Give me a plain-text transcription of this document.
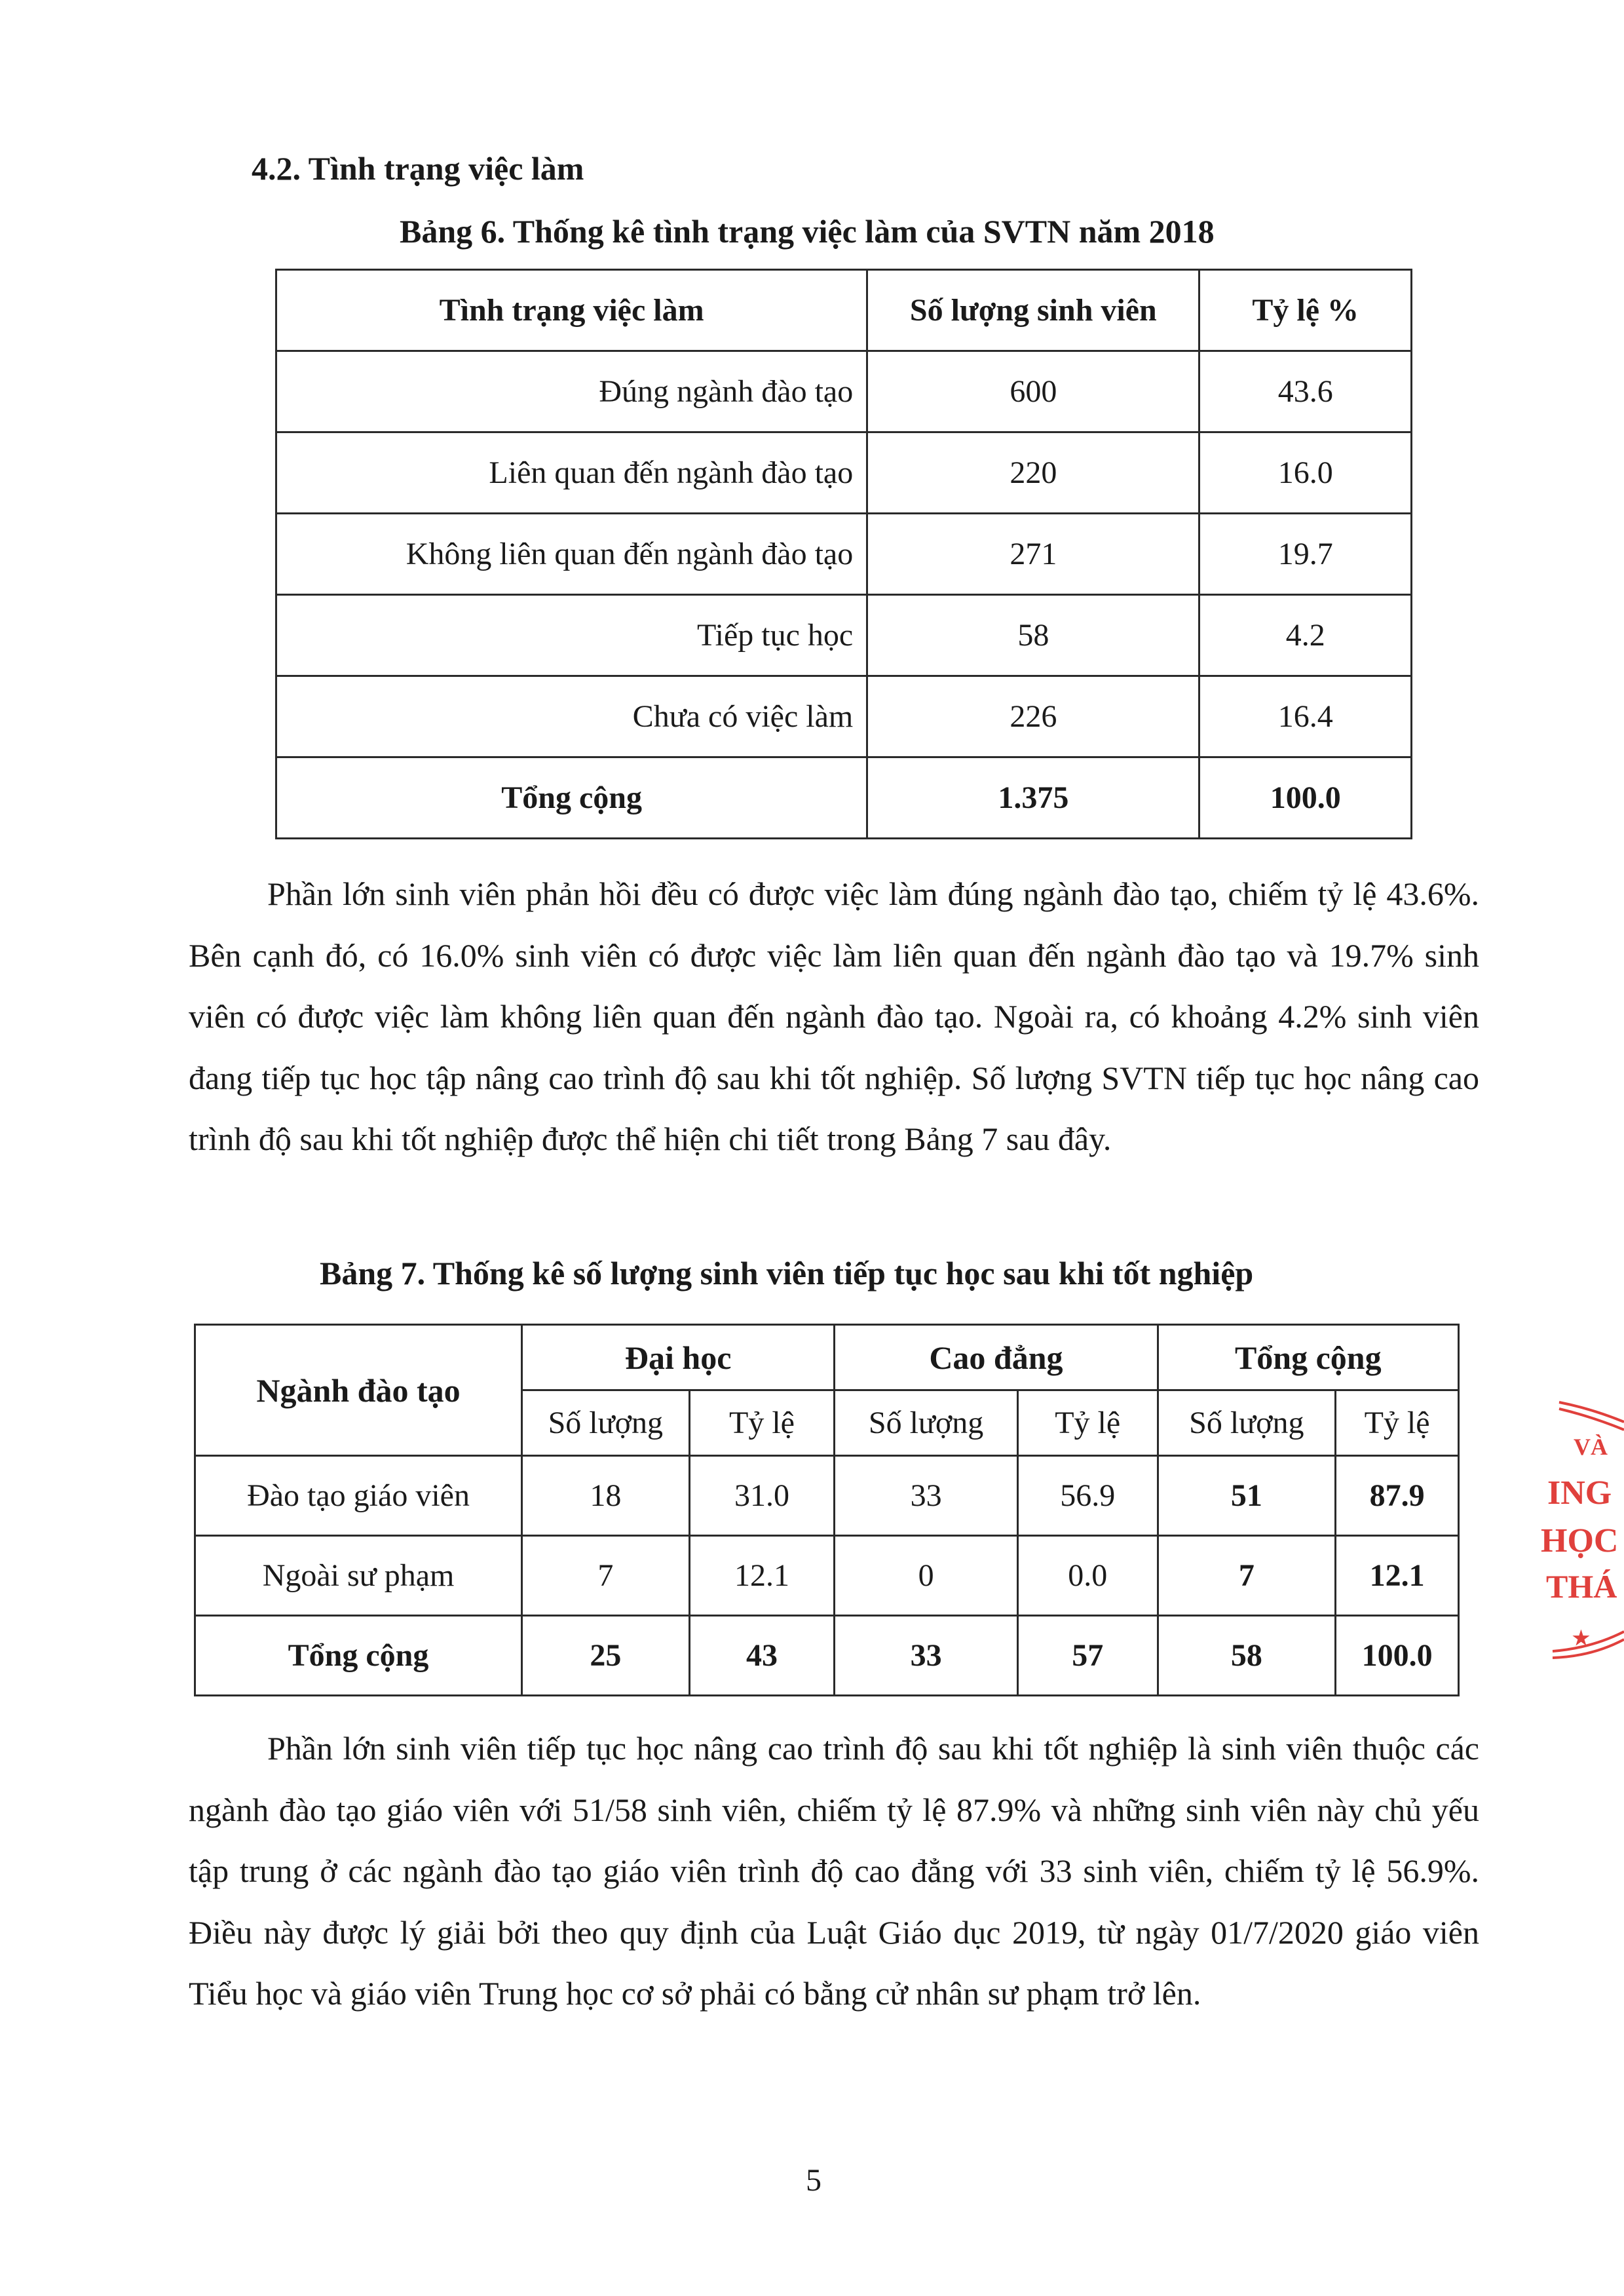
4.2. Tình trạng việc làm
Bảng 6. Thống kê tình trạng việc làm của SVTN năm 2018
Tình trạng việc làm	Số lượng sinh viên	Tỷ lệ %
Đúng ngành đào tạo	600	43.6
Liên quan đến ngành đào tạo	220	16.0
Không liên quan đến ngành đào tạo	271	19.7
Tiếp tục học	58	4.2
Chưa có việc làm	226	16.4
Tổng cộng	1.375	100.0
Phần lớn sinh viên phản hồi đều có được việc làm đúng ngành đào tạo, chiếm tỷ lệ 43.6%. Bên cạnh đó, có 16.0% sinh viên có được việc làm liên quan đến ngành đào tạo và 19.7% sinh viên có được việc làm không liên quan đến ngành đào tạo. Ngoài ra, có khoảng 4.2% sinh viên đang tiếp tục học tập nâng cao trình độ sau khi tốt nghiệp. Số lượng SVTN tiếp tục học nâng cao trình độ sau khi tốt nghiệp được thể hiện chi tiết trong Bảng 7 sau đây.
Bảng 7. Thống kê số lượng sinh viên tiếp tục học sau khi tốt nghiệp
Ngành đào tạo	Đại học		Cao đẳng		Tổng cộng	
	Số lượng	Tỷ lệ	Số lượng	Tỷ lệ	Số lượng	Tỷ lệ
Đào tạo giáo viên	18	31.0	33	56.9	51	87.9
Ngoài sư phạm	7	12.1	0	0.0	7	12.1
Tổng cộng	25	43	33	57	58	100.0
Phần lớn sinh viên tiếp tục học nâng cao trình độ sau khi tốt nghiệp là sinh viên thuộc các ngành đào tạo giáo viên với 51/58 sinh viên, chiếm tỷ lệ 87.9% và những sinh viên này chủ yếu tập trung ở các ngành đào tạo giáo viên trình độ cao đẳng với 33 sinh viên, chiếm tỷ lệ 56.9%. Điều này được lý giải bởi theo quy định của Luật Giáo dục 2019, từ ngày 01/7/2020 giáo viên Tiểu học và giáo viên Trung học cơ sở phải có bằng cử nhân sư phạm trở lên.
5
VÀ
ING
HỌC
THÁ
★
